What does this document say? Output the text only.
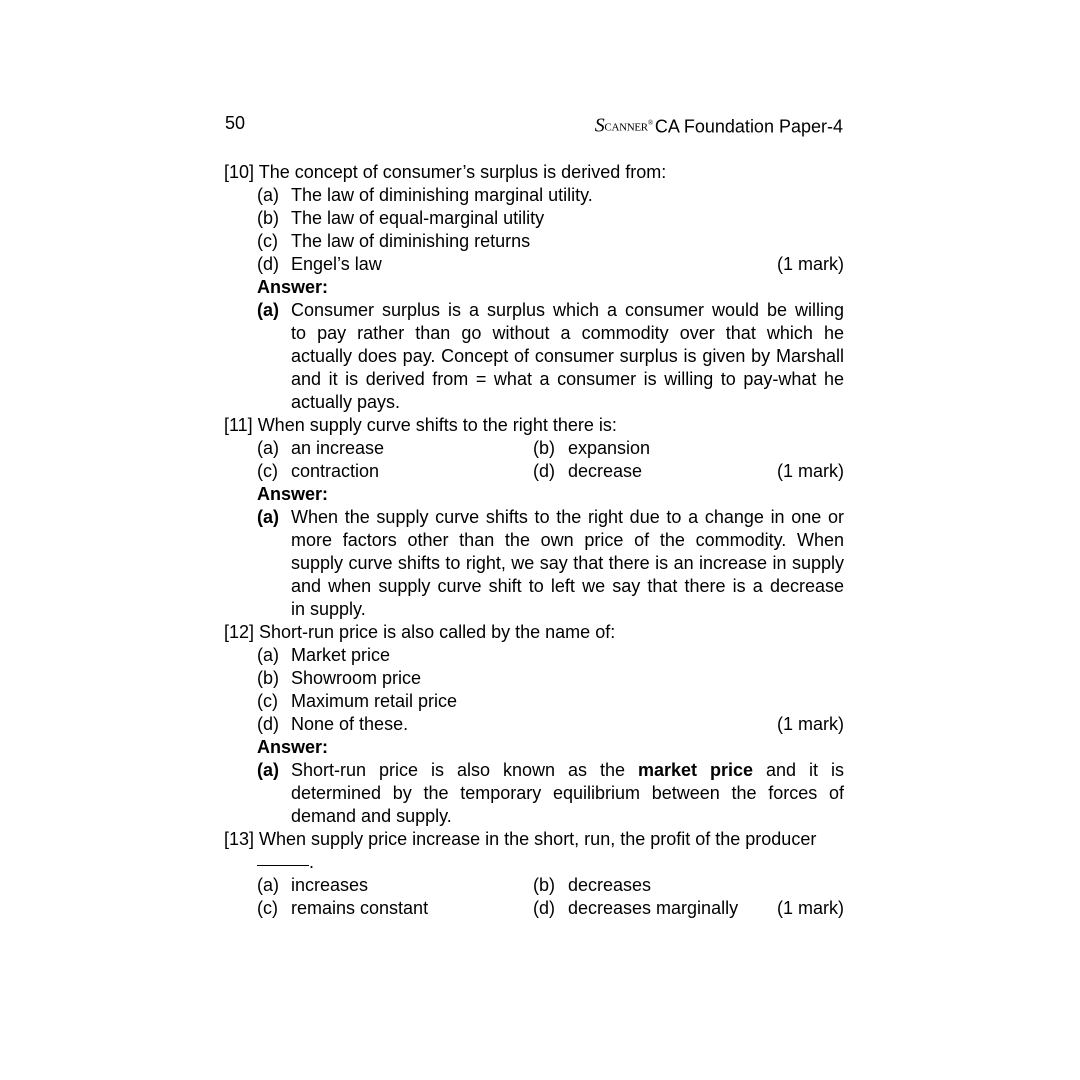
50	SCANNER® CA Foundation Paper-4
[10] The concept of consumer’s surplus is derived from:
(a) The law of diminishing marginal utility.
(b) The law of equal-marginal utility
(c) The law of diminishing returns
(d) Engel’s law	(1 mark)
Answer:
(a) Consumer surplus is a surplus which a consumer would be willing
to pay rather than go without a commodity over that which he
actually does pay. Concept of consumer surplus is given by Marshall
and it is derived from = what a consumer is willing to pay-what he
actually pays.
[11] When supply curve shifts to the right there is:
(a) an increase	(b) expansion
(c) contraction	(d) decrease	(1 mark)
Answer:
(a) When the supply curve shifts to the right due to a change in one or
more factors other than the own price of the commodity. When
supply curve shifts to right, we say that there is an increase in supply
and when supply curve shift to left we say that there is a decrease
in supply.
[12] Short-run price is also called by the name of:
(a) Market price
(b) Showroom price
(c) Maximum retail price
(d) None of these.	(1 mark)
Answer:
(a) Short-run price is also known as the market price and it is
determined by the temporary equilibrium between the forces of
demand and supply.
[13] When supply price increase in the short, run, the profit of the producer
.
(a) increases	(b) decreases
(c) remains constant	(d) decreases marginally (1 mark)
